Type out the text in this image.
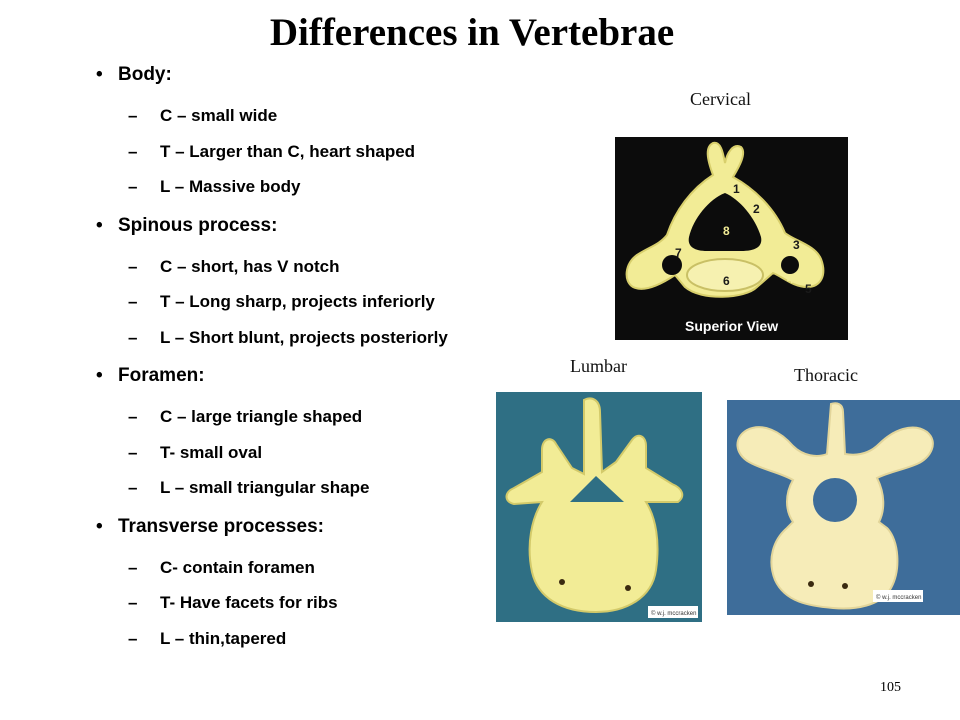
Differences in Vertebrae
• Body:
– C – small wide
– T – Larger than C, heart shaped
– L – Massive body
• Spinous process:
– C – short, has V notch
– T – Long sharp, projects inferiorly
– L – Short blunt, projects posteriorly
• Foramen:
– C – large triangle shaped
– T- small oval
– L – small triangular shape
• Transverse processes:
– C- contain foramen
– T- Have facets for ribs
– L – thin,tapered
Cervical
Lumbar	Thoracic
1
2
3
4
5
6
7
8
Superior View
© w.j. mccracken
© w.j. mccracken
105
